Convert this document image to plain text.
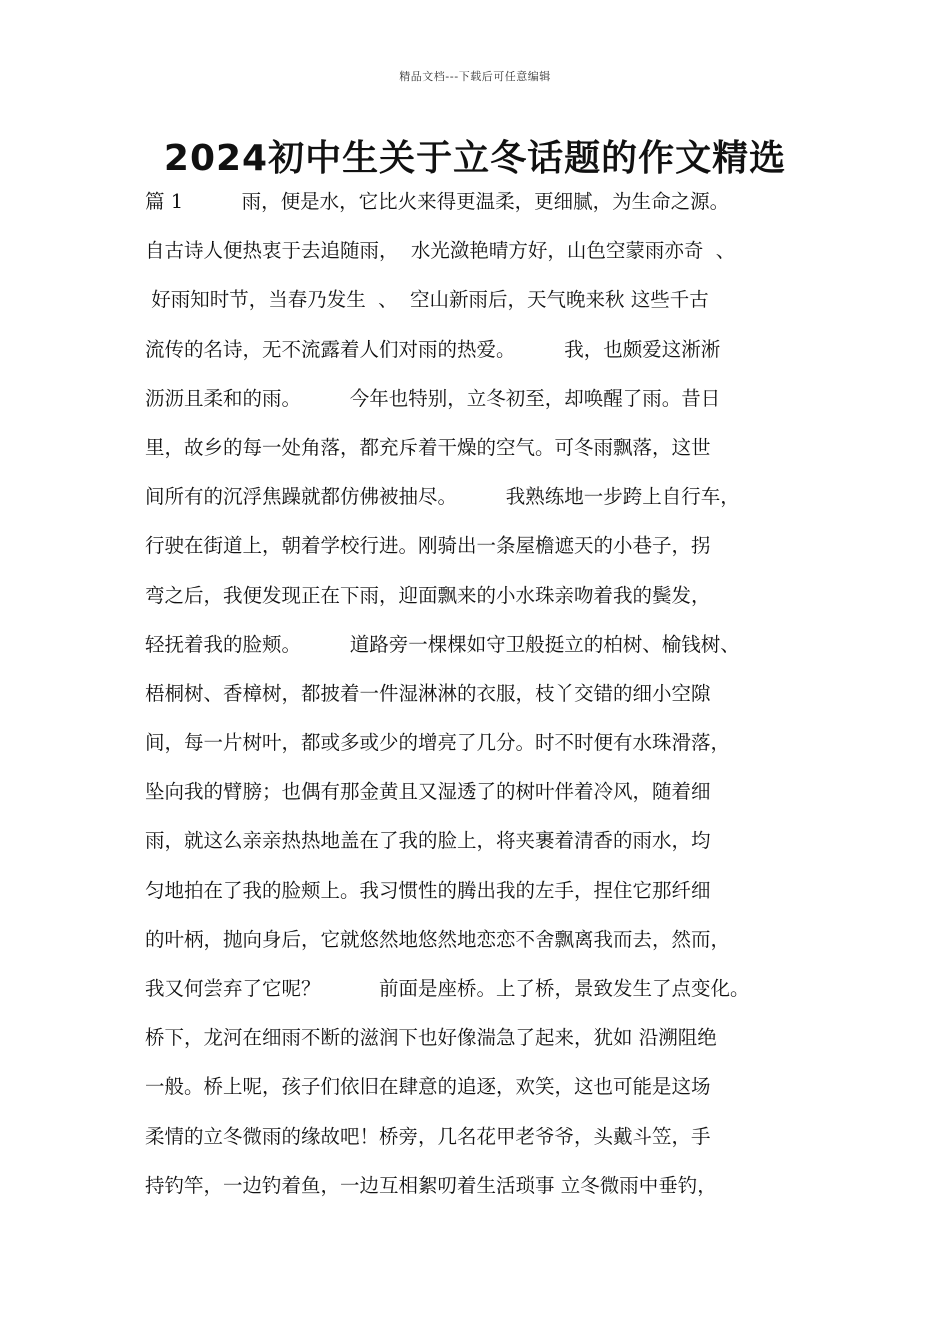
精品文档---下载后可任意编辑
2024初中生关于立冬话题的作文精选
篇 1　　　雨，便是水，它比火来得更温柔，更细腻，为生命之源。
自古诗人便热衷于去追随雨，  水光潋艳晴方好，山色空蒙雨亦奇  、
好雨知时节，当春乃发生  、  空山新雨后，天气晚来秋 这些千古
流传的名诗，无不流露着人们对雨的热爱。　　　我，也颇爱这淅淅
沥沥且柔和的雨。　　　今年也特别，立冬初至，却唤醒了雨。昔日
里，故乡的每一处角落，都充斥着干燥的空气。可冬雨飘落，这世
间所有的沉浮焦躁就都仿佛被抽尽。　　　我熟练地一步跨上自行车，
行驶在街道上，朝着学校行进。刚骑出一条屋檐遮天的小巷子，拐
弯之后，我便发现正在下雨，迎面飘来的小水珠亲吻着我的鬓发，
轻抚着我的脸颊。　　　道路旁一棵棵如守卫般挺立的柏树、榆钱树、
梧桐树、香樟树，都披着一件湿淋淋的衣服，枝丫交错的细小空隙
间，每一片树叶，都或多或少的增亮了几分。时不时便有水珠滑落，
坠向我的臂膀；也偶有那金黄且又湿透了的树叶伴着冷风，随着细
雨，就这么亲亲热热地盖在了我的脸上，将夹裹着清香的雨水，均
匀地拍在了我的脸颊上。我习惯性的腾出我的左手，捏住它那纤细
的叶柄，抛向身后，它就悠然地悠然地恋恋不舍飘离我而去，然而，
我又何尝弃了它呢？　　　前面是座桥。上了桥，景致发生了点变化。
桥下，龙河在细雨不断的滋润下也好像湍急了起来，犹如 沿溯阻绝
一般。桥上呢，孩子们依旧在肆意的追逐，欢笑，这也可能是这场
柔情的立冬微雨的缘故吧！桥旁，几名花甲老爷爷，头戴斗笠，手
持钓竿，一边钓着鱼，一边互相絮叨着生活琐事 立冬微雨中垂钓，
